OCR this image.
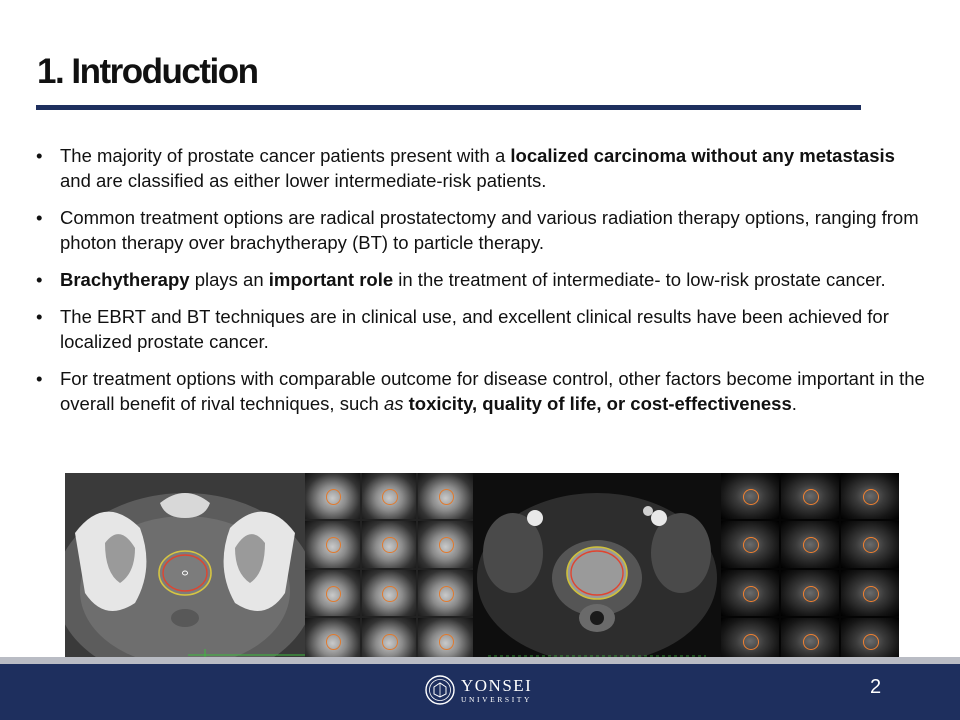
1. Introduction
• The majority of prostate cancer patients present with a localized carcinoma without any metastasis and are classified as either lower intermediate-risk patients.
• Common treatment options are radical prostatectomy and various radiation therapy options, ranging from photon therapy over brachytherapy (BT) to particle therapy.
• Brachytherapy plays an important role in the treatment of intermediate- to low-risk prostate cancer.
• The EBRT and BT techniques are in clinical use, and excellent clinical results have been achieved for localized prostate cancer.
• For treatment options with comparable outcome for disease control, other factors become important in the overall benefit of rival techniques, such as toxicity, quality of life, or cost-effectiveness.
YONSEI
UNIVERSITY
2
